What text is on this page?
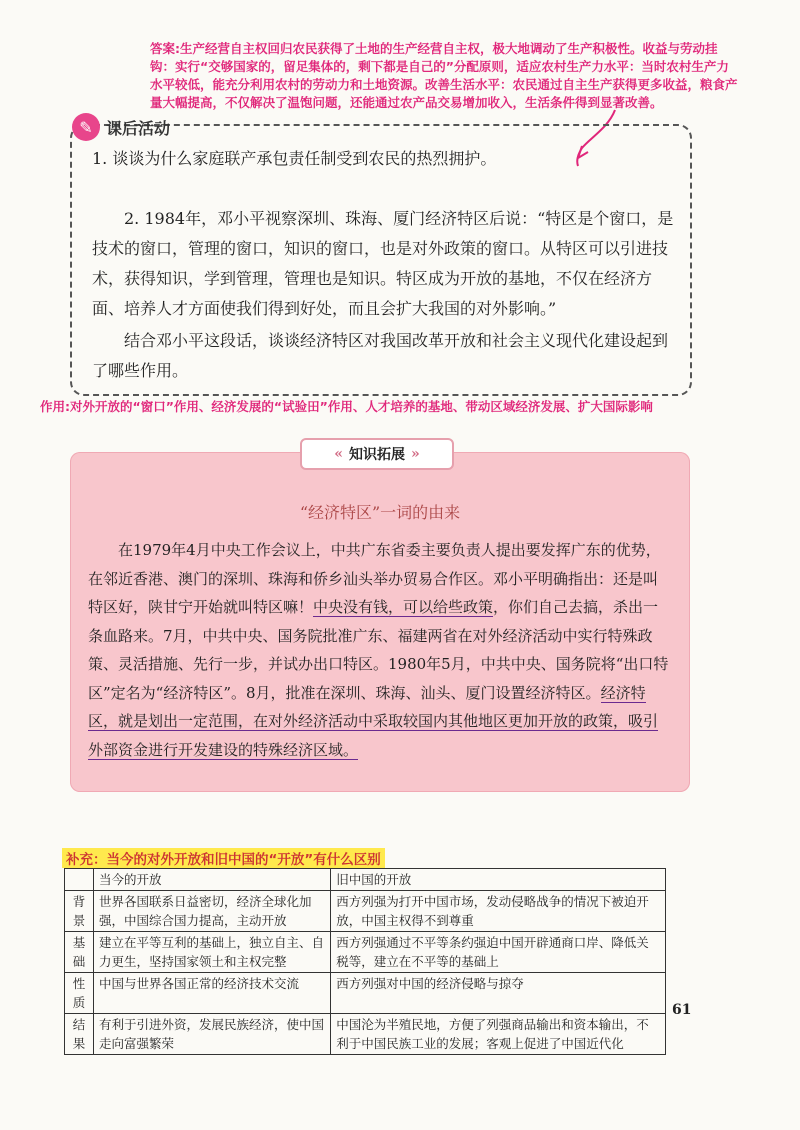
答案:生产经营自主权回归农民获得了土地的生产经营自主权，极大地调动了生产积极性。收益与劳动挂钩：实行“交够国家的，留足集体的，剩下都是自己的”分配原则，适应农村生产力水平：当时农村生产力水平较低，能充分利用农村的劳动力和土地资源。改善生活水平：农民通过自主生产获得更多收益，粮食产量大幅提高，不仅解决了温饱问题，还能通过农产品交易增加收入，生活条件得到显著改善。
✎ 课后活动
1. 谈谈为什么家庭联产承包责任制受到农民的热烈拥护。
2. 1984年，邓小平视察深圳、珠海、厦门经济特区后说：“特区是个窗口，是技术的窗口，管理的窗口，知识的窗口，也是对外政策的窗口。从特区可以引进技术，获得知识，学到管理，管理也是知识。特区成为开放的基地，不仅在经济方面、培养人才方面使我们得到好处，而且会扩大我国的对外影响。”
结合邓小平这段话，谈谈经济特区对我国改革开放和社会主义现代化建设起到了哪些作用。
作用:对外开放的“窗口”作用、经济发展的“试验田”作用、人才培养的基地、带动区域经济发展、扩大国际影响
« 知识拓展 »
“经济特区”一词的由来
在1979年4月中央工作会议上，中共广东省委主要负责人提出要发挥广东的优势，在邻近香港、澳门的深圳、珠海和侨乡汕头举办贸易合作区。邓小平明确指出：还是叫特区好，陕甘宁开始就叫特区嘛！中央没有钱，可以给些政策，你们自己去搞，杀出一条血路来。7月，中共中央、国务院批准广东、福建两省在对外经济活动中实行特殊政策、灵活措施、先行一步，并试办出口特区。1980年5月，中共中央、国务院将“出口特区”定名为“经济特区”。8月，批准在深圳、珠海、汕头、厦门设置经济特区。经济特区，就是划出一定范围，在对外经济活动中采取较国内其他地区更加开放的政策，吸引外部资金进行开发建设的特殊经济区域。
补充：当今的对外开放和旧中国的“开放”有什么区别
	当今的开放	旧中国的开放
背景	世界各国联系日益密切，经济全球化加强，中国综合国力提高，主动开放	西方列强为打开中国市场，发动侵略战争的情况下被迫开放，中国主权得不到尊重
基础	建立在平等互利的基础上，独立自主、自力更生，坚持国家领土和主权完整	西方列强通过不平等条约强迫中国开辟通商口岸、降低关税等，建立在不平等的基础上
性质	中国与世界各国正常的经济技术交流	西方列强对中国的经济侵略与掠夺
结果	有利于引进外资，发展民族经济，使中国走向富强繁荣	中国沦为半殖民地，方便了列强商品输出和资本输出，不利于中国民族工业的发展；客观上促进了中国近代化
61
